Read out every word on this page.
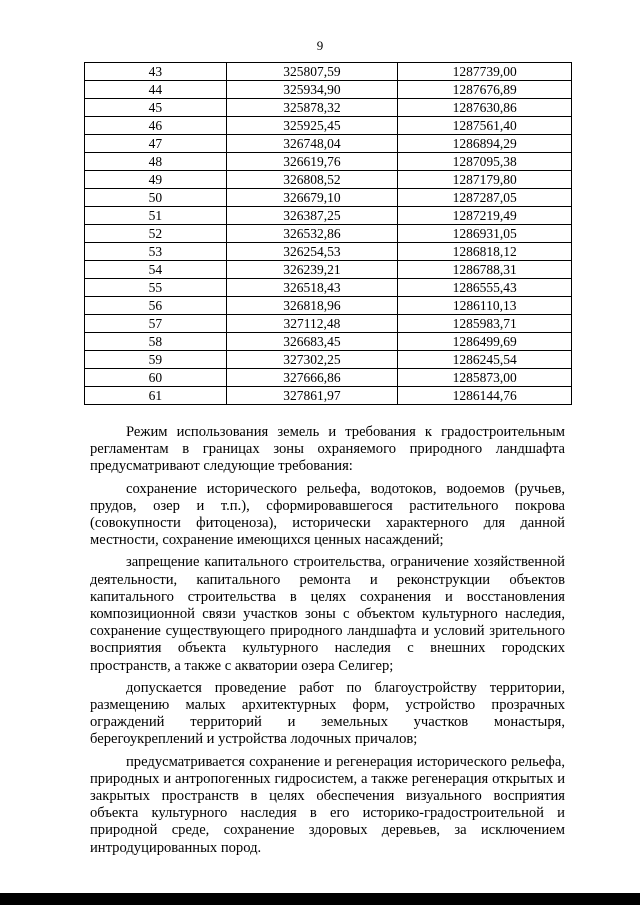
9
43	325807,59	1287739,00
44	325934,90	1287676,89
45	325878,32	1287630,86
46	325925,45	1287561,40
47	326748,04	1286894,29
48	326619,76	1287095,38
49	326808,52	1287179,80
50	326679,10	1287287,05
51	326387,25	1287219,49
52	326532,86	1286931,05
53	326254,53	1286818,12
54	326239,21	1286788,31
55	326518,43	1286555,43
56	326818,96	1286110,13
57	327112,48	1285983,71
58	326683,45	1286499,69
59	327302,25	1286245,54
60	327666,86	1285873,00
61	327861,97	1286144,76

Режим использования земель и требования к градостроительным регламентам в границах зоны охраняемого природного ландшафта предусматривают следующие требования:

сохранение исторического рельефа, водотоков, водоемов (ручьев, прудов, озер и т.п.), сформировавшегося растительного покрова (совокупности фитоценоза), исторически характерного для данной местности, сохранение имеющихся ценных насаждений;

запрещение капитального строительства, ограничение хозяйственной деятельности, капитального ремонта и реконструкции объектов капитального строительства в целях сохранения и восстановления композиционной связи участков зоны с объектом культурного наследия, сохранение существующего природного ландшафта и условий зрительного восприятия объекта культурного наследия с внешних городских пространств, а также с акватории озера Селигер;

допускается проведение работ по благоустройству территории, размещению малых архитектурных форм, устройство прозрачных ограждений территорий и земельных участков монастыря, берегоукреплений и устройства лодочных причалов;

предусматривается сохранение и регенерация исторического рельефа, природных и антропогенных гидросистем, а также регенерация открытых и закрытых пространств в целях обеспечения визуального восприятия объекта культурного наследия в его историко-градостроительной и природной среде, сохранение здоровых деревьев, за исключением интродуцированных пород.
